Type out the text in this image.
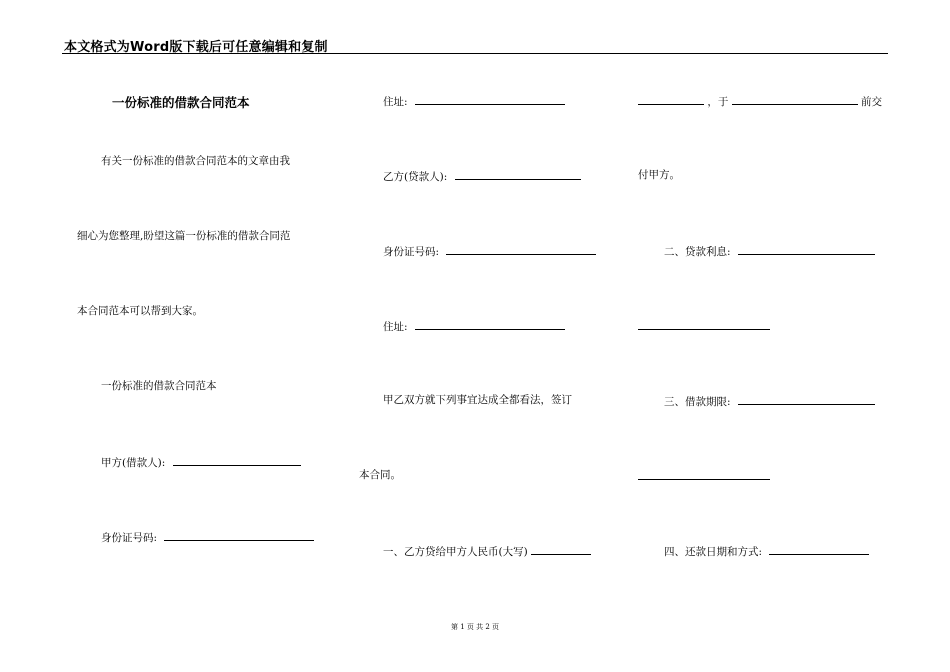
本文格式为Word版下载后可任意编辑和复制
一份标准的借款合同范本
有关一份标准的借款合同范本的文章由我
细心为您整理,盼望这篇一份标准的借款合同范
本合同范本可以帮到大家。
一份标准的借款合同范本
甲方(借款人):
身份证号码:
住址:
乙方(贷款人):
身份证号码:
住址:
甲乙双方就下列事宜达成全都看法，签订
本合同。
一、乙方贷给甲方人民币(大写)
，于	前交
付甲方。
二、贷款利息:
三、借款期限:
四、还款日期和方式:
第 1 页 共 2 页
